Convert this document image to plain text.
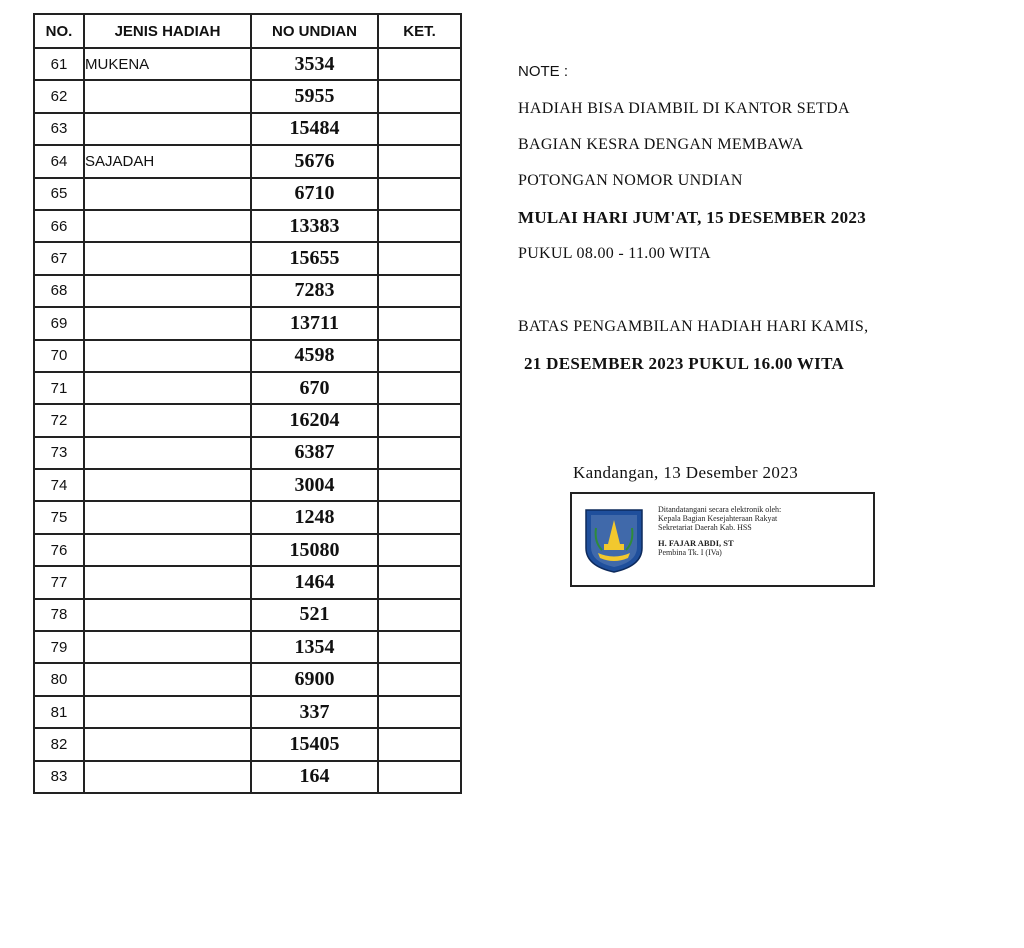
NO.	JENIS HADIAH	NO UNDIAN	KET.
61	MUKENA	3534	
62		5955	
63		15484	
64	SAJADAH	5676	
65		6710	
66		13383	
67		15655	
68		7283	
69		13711	
70		4598	
71		670	
72		16204	
73		6387	
74		3004	
75		1248	
76		15080	
77		1464	
78		521	
79		1354	
80		6900	
81		337	
82		15405	
83		164	
NOTE :
HADIAH BISA DIAMBIL DI KANTOR SETDA
BAGIAN KESRA DENGAN MEMBAWA
POTONGAN NOMOR UNDIAN
MULAI HARI JUM'AT, 15 DESEMBER 2023
PUKUL 08.00 - 11.00 WITA
BATAS PENGAMBILAN HADIAH HARI KAMIS,
21 DESEMBER 2023 PUKUL 16.00 WITA
Kandangan, 13 Desember 2023
Ditandatangani secara elektronik oleh:
Kepala Bagian Kesejahteraan Rakyat
Sekretariat Daerah Kab. HSS
H. FAJAR ABDI, ST
Pembina Tk. I (IVa)
